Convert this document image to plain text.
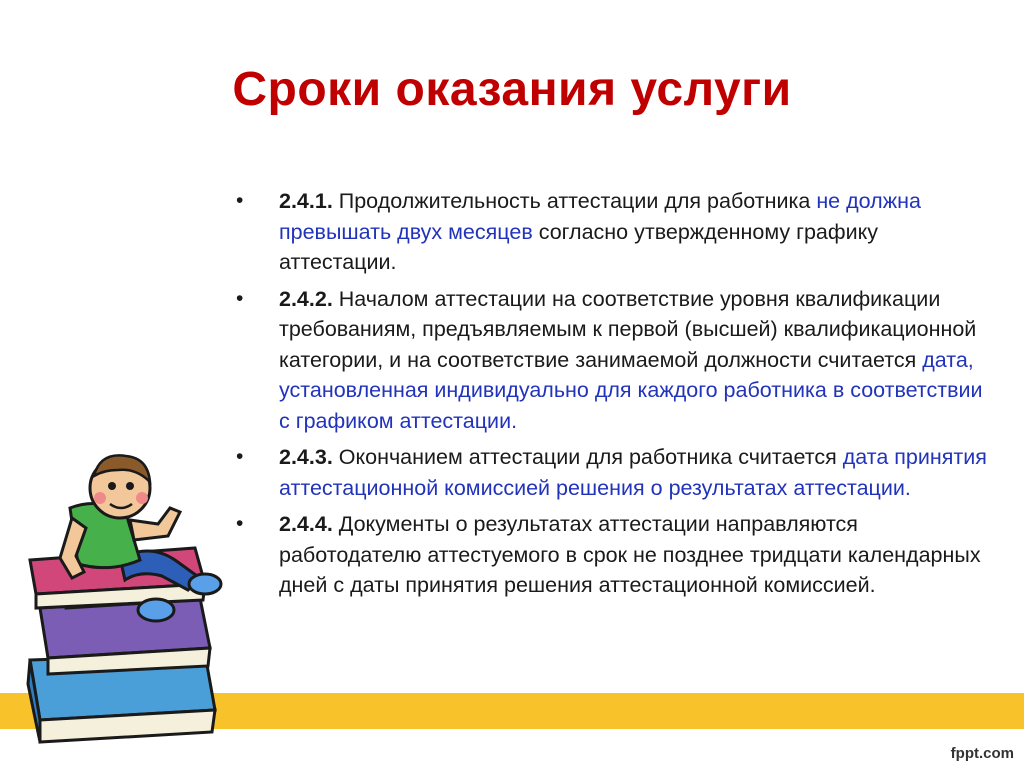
Сроки оказания услуги
• 2.4.1. Продолжительность аттестации для работника не должна превышать двух месяцев согласно утвержденному графику аттестации.
• 2.4.2. Началом аттестации на соответствие уровня квалификации требованиям, предъявляемым к первой (высшей) квалификационной категории, и на соответствие занимаемой должности считается дата, установленная индивидуально для каждого работника в соответствии с графиком аттестации.
• 2.4.3. Окончанием аттестации для работника считается дата принятия аттестационной комиссией решения о результатах аттестации.
• 2.4.4. Документы о результатах аттестации направляются работодателю аттестуемого в срок не позднее тридцати календарных дней с даты принятия решения аттестационной комиссией.
fppt.com
